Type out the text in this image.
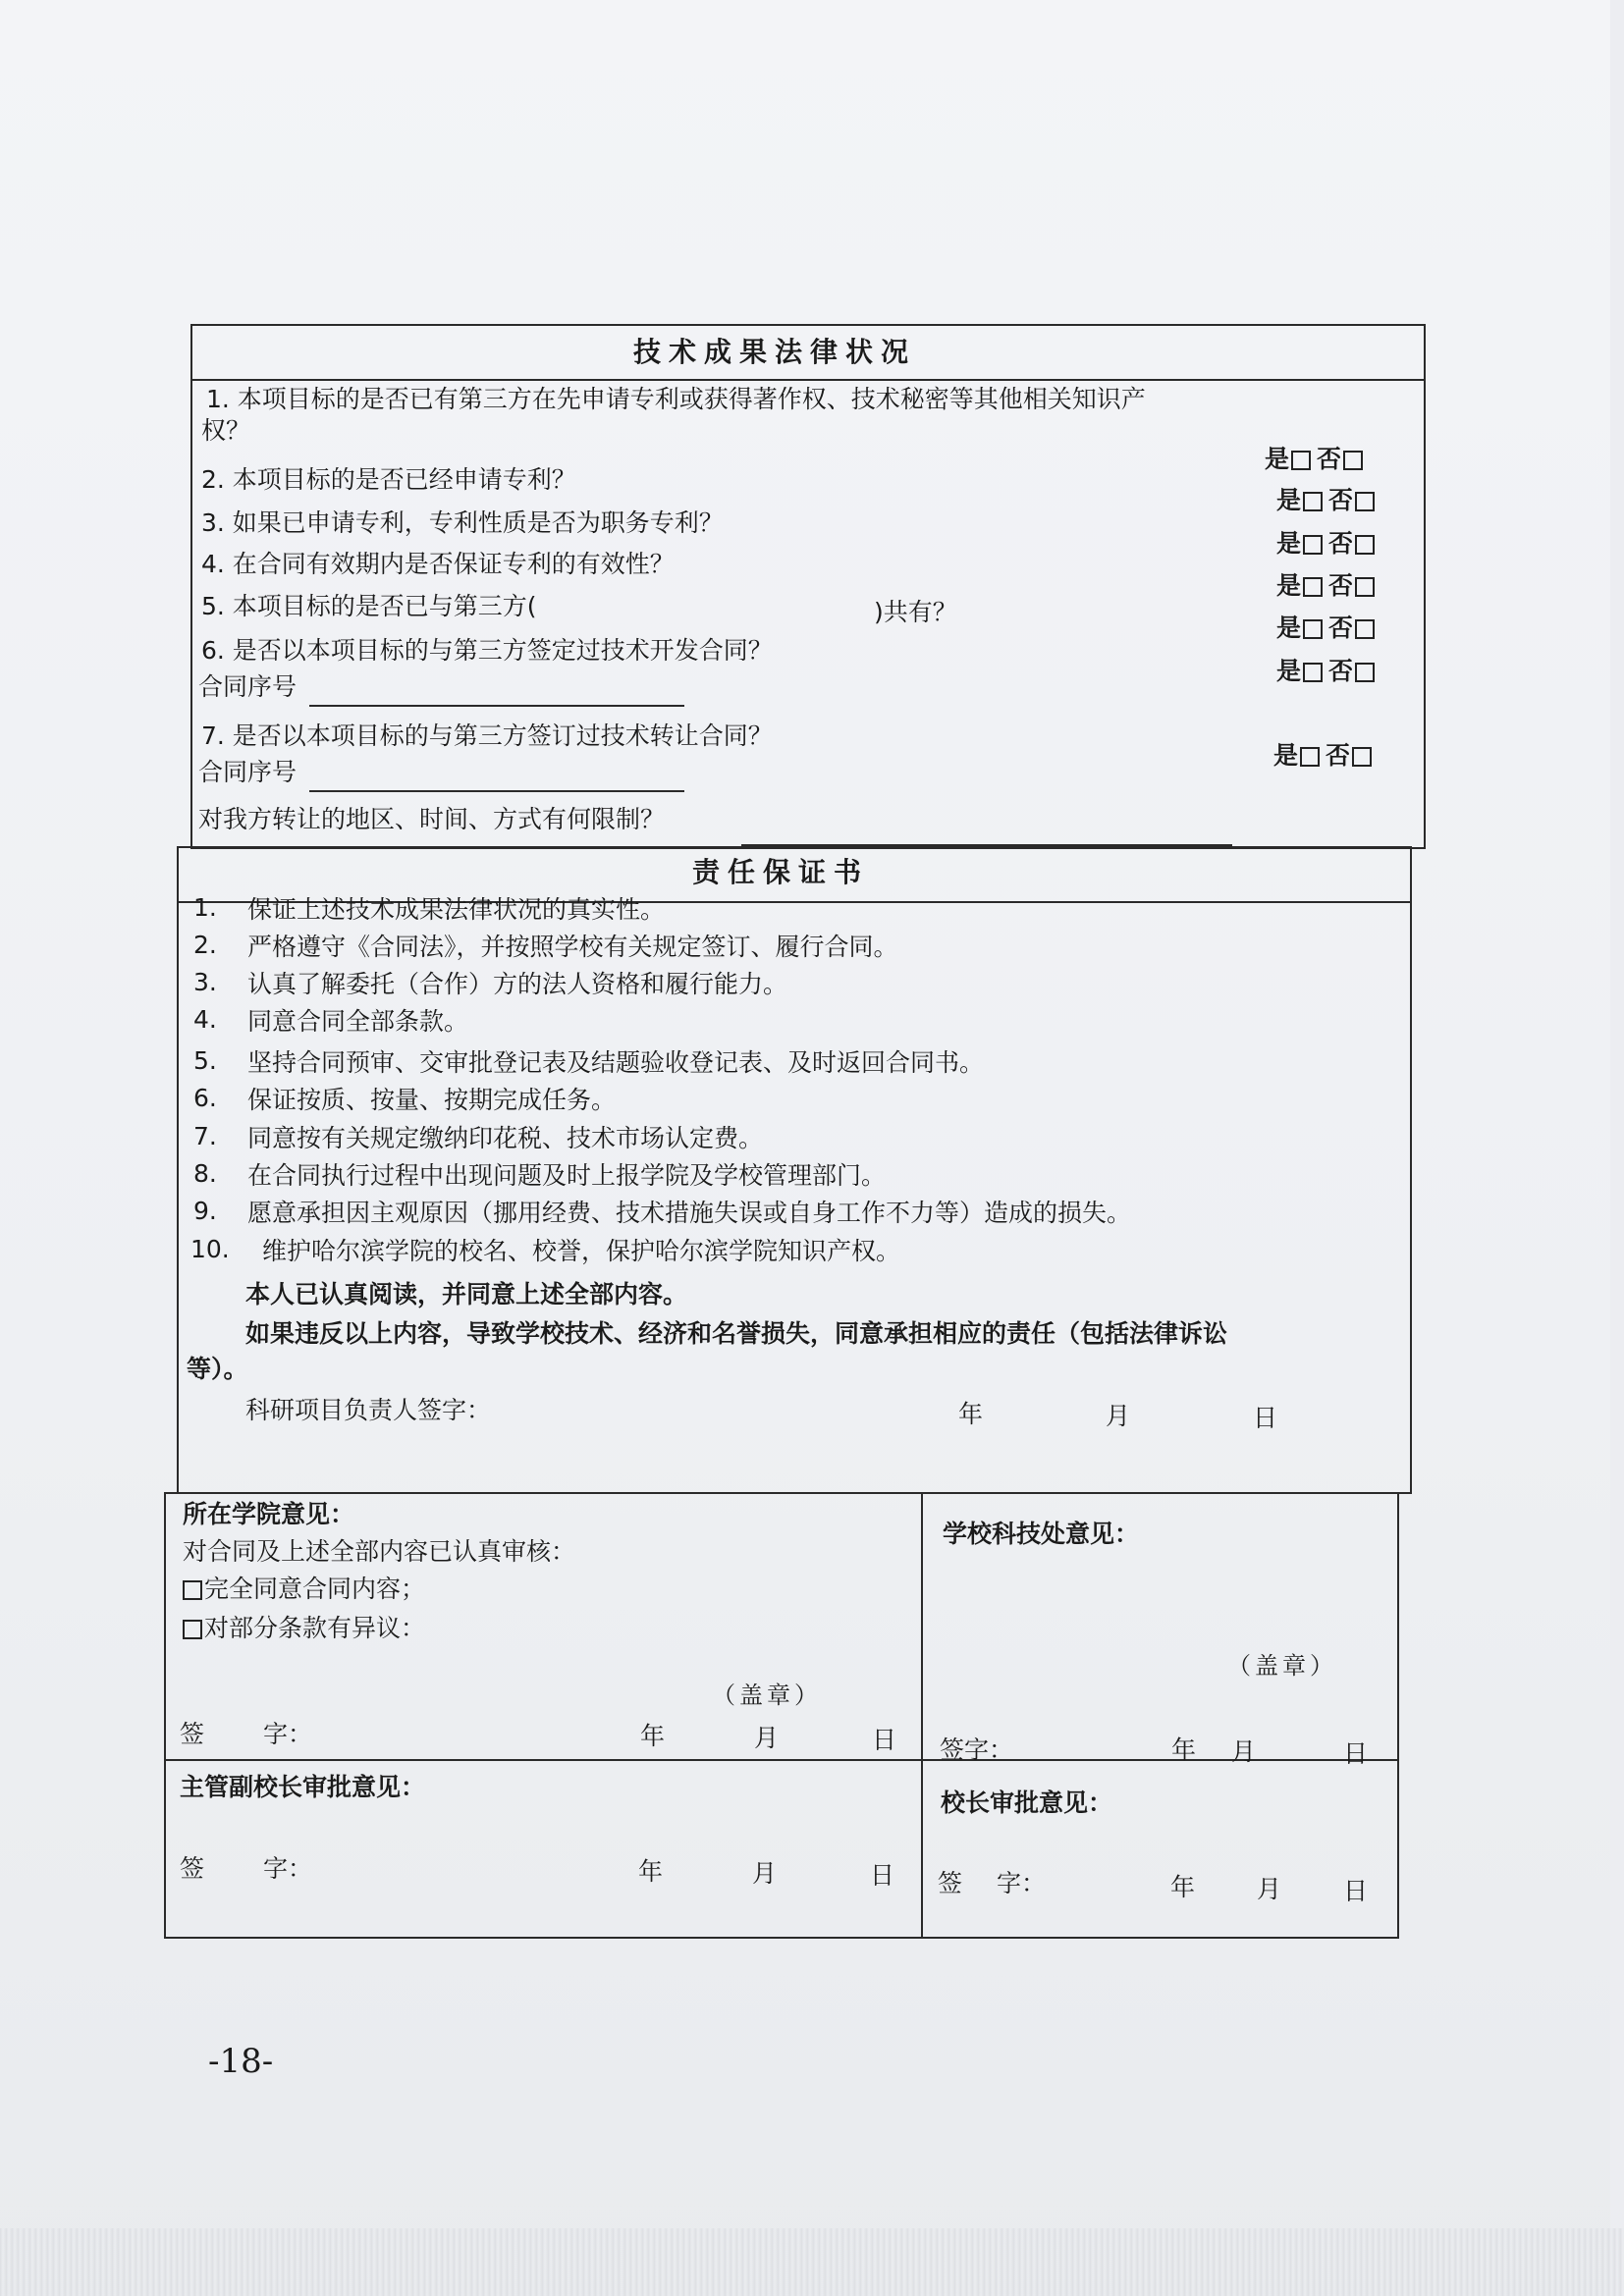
技术成果法律状况
1. 本项目标的是否已有第三方在先申请专利或获得著作权、技术秘密等其他相关知识产
权？
是 否
2. 本项目标的是否已经申请专利？
是 否
3. 如果已申请专利，专利性质是否为职务专利？
是 否
4. 在合同有效期内是否保证专利的有效性？
是 否
5. 本项目标的是否已与第三方(	)共有？
是 否
6. 是否以本项目标的与第三方签定过技术开发合同？
是 否
合同序号
7. 是否以本项目标的与第三方签订过技术转让合同？
是 否
合同序号
对我方转让的地区、时间、方式有何限制？
责任保证书
1. 保证上述技术成果法律状况的真实性。
2. 严格遵守《合同法》，并按照学校有关规定签订、履行合同。
3. 认真了解委托（合作）方的法人资格和履行能力。
4. 同意合同全部条款。
5. 坚持合同预审、交审批登记表及结题验收登记表、及时返回合同书。
6. 保证按质、按量、按期完成任务。
7. 同意按有关规定缴纳印花税、技术市场认定费。
8. 在合同执行过程中出现问题及时上报学院及学校管理部门。
9. 愿意承担因主观原因（挪用经费、技术措施失误或自身工作不力等）造成的损失。
10. 维护哈尔滨学院的校名、校誉，保护哈尔滨学院知识产权。
本人已认真阅读，并同意上述全部内容。
如果违反以上内容，导致学校技术、经济和名誉损失，同意承担相应的责任（包括法律诉讼
等）。
科研项目负责人签字：	年	月	日
所在学院意见：
对合同及上述全部内容已认真审核：
完全同意合同内容；
对部分条款有异议：
（盖章）
签 字：	年	月	日
学校科技处意见：
（盖章）
签字：	年 月	日
主管副校长审批意见：
签 字：	年	月	日
校长审批意见：
签 字：	年	月	日
-18-
